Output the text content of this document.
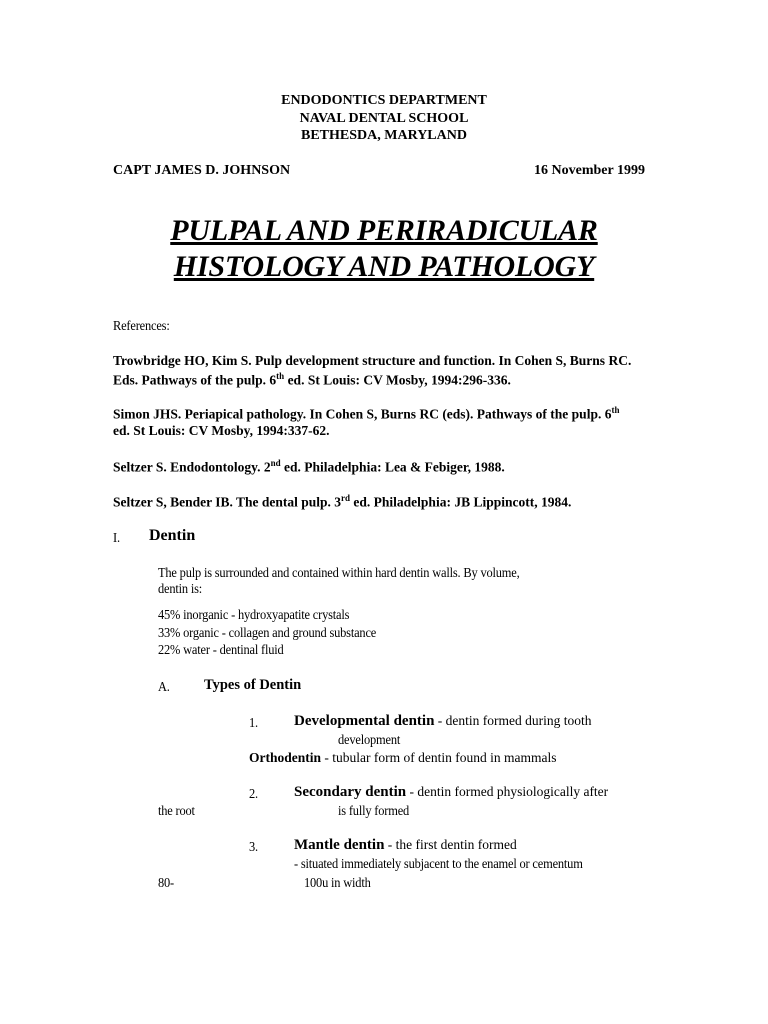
ENDODONTICS DEPARTMENT
NAVAL DENTAL SCHOOL
BETHESDA, MARYLAND
CAPT JAMES D. JOHNSON	16 November 1999
PULPAL AND PERIRADICULAR
HISTOLOGY AND PATHOLOGY
References:
Trowbridge HO, Kim S. Pulp development structure and function. In Cohen S, Burns RC.
Eds. Pathways of the pulp. 6th ed. St Louis: CV Mosby, 1994:296-336.
Simon JHS. Periapical pathology. In Cohen S, Burns RC (eds). Pathways of the pulp. 6th
ed. St Louis: CV Mosby, 1994:337-62.
Seltzer S. Endodontology. 2nd ed. Philadelphia: Lea & Febiger, 1988.
Seltzer S, Bender IB. The dental pulp. 3rd ed. Philadelphia: JB Lippincott, 1984.
I. Dentin
The pulp is surrounded and contained within hard dentin walls. By volume,
dentin is:
45% inorganic - hydroxyapatite crystals
33% organic - collagen and ground substance
22% water - dentinal fluid
A. Types of Dentin
1. Developmental dentin - dentin formed during tooth
development
Orthodentin - tubular form of dentin found in mammals
2. Secondary dentin - dentin formed physiologically after
the root	is fully formed
3. Mantle dentin - the first dentin formed
- situated immediately subjacent to the enamel or cementum
80-	100u in width
